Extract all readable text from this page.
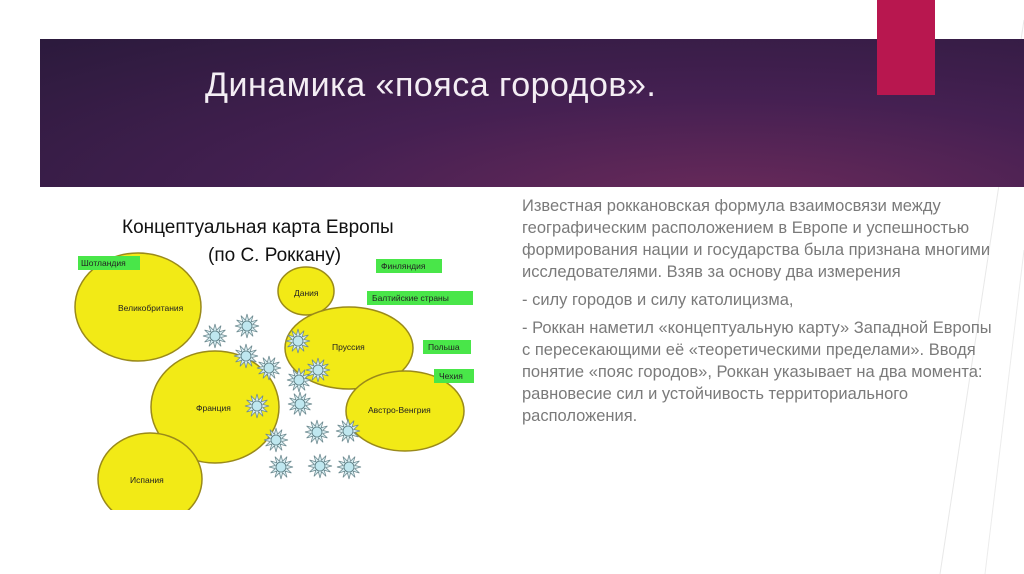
Динамика «пояса городов».
Концептуальная карта Европы
(по С. Роккану)
Великобритания
Дания
Пруссия
Франция	Австро-Венгрия
Испания
Шотландия	Финляндия
Балтийские страны
Польша
Чехия

Известная роккановская формула взаимосвязи между географическим расположением в Европе и успешностью формирования нации и государства была признана многими исследователями. Взяв за основу два измерения

- силу городов и силу католицизма,

- Роккан наметил «концептуальную карту» Западной Европы с пересекающими её «теоретическими пределами». Вводя понятие «пояс городов», Роккан указывает на два момента: равновесие сил и устойчивость территориального расположения.
